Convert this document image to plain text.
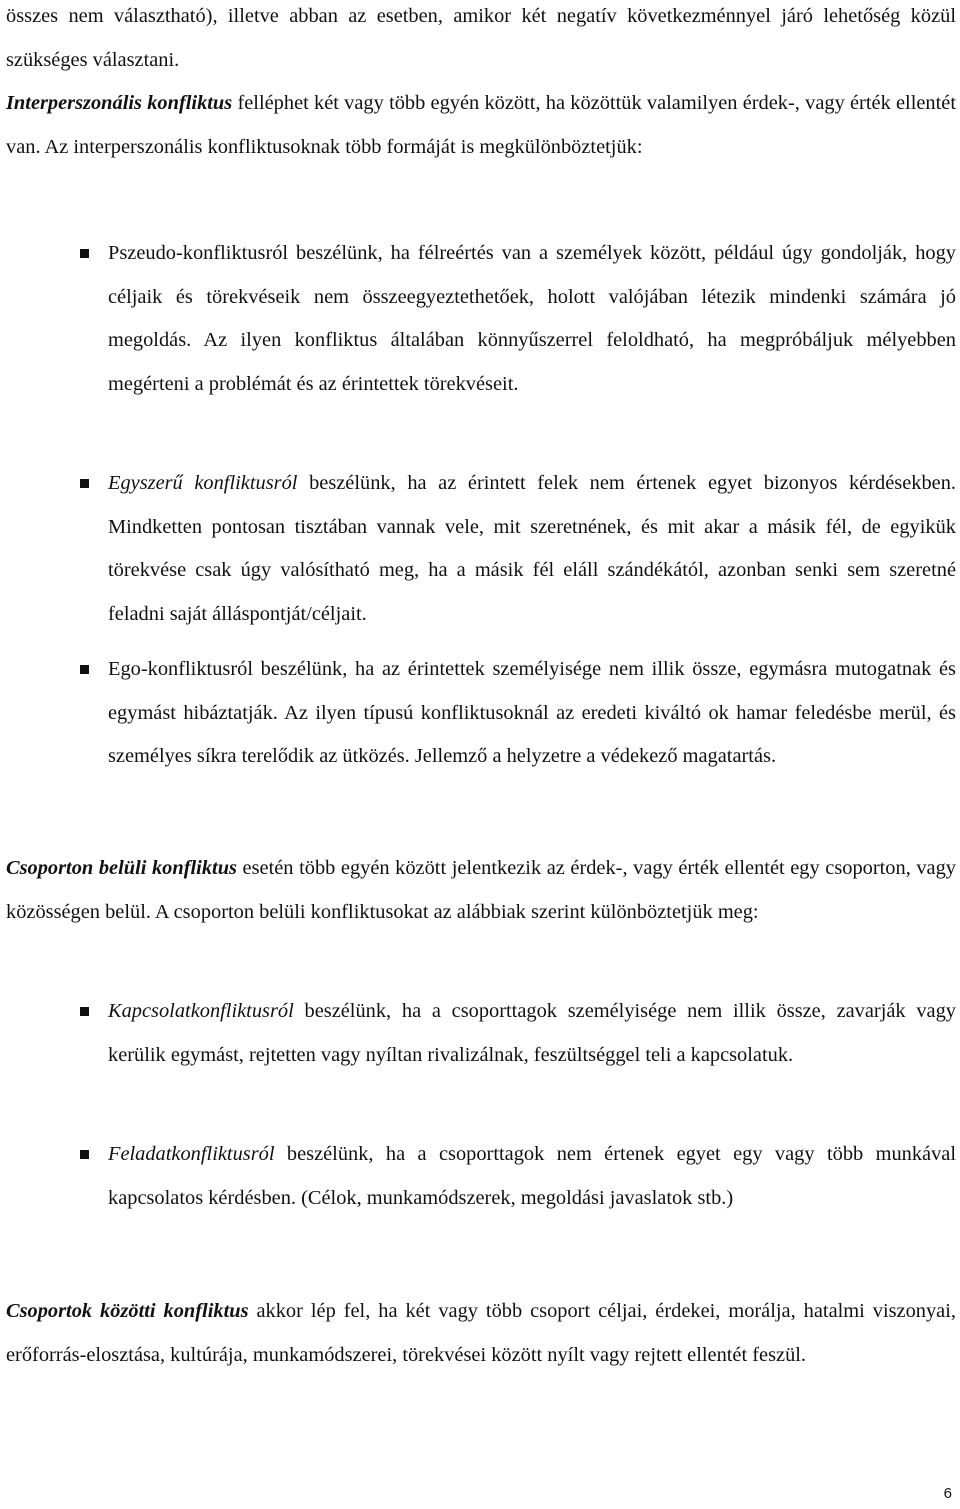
összes nem választható), illetve abban az esetben, amikor két negatív következménnyel járó lehetőség közül szükséges választani.

Interperszonális konfliktus felléphet két vagy több egyén között, ha közöttük valamilyen érdek-, vagy érték ellentét van. Az interperszonális konfliktusoknak több formáját is megkülönböztetjük:

Pszeudo-konfliktusról beszélünk, ha félreértés van a személyek között, például úgy gondolják, hogy céljaik és törekvéseik nem összeegyeztethetőek, holott valójában létezik mindenki számára jó megoldás. Az ilyen konfliktus általában könnyűszerrel feloldható, ha megpróbáljuk mélyebben megérteni a problémát és az érintettek törekvéseit.

Egyszerű konfliktusról beszélünk, ha az érintett felek nem értenek egyet bizonyos kérdésekben. Mindketten pontosan tisztában vannak vele, mit szeretnének, és mit akar a másik fél, de egyikük törekvése csak úgy valósítható meg, ha a másik fél eláll szándékától, azonban senki sem szeretné feladni saját álláspontját/céljait.

Ego-konfliktusról beszélünk, ha az érintettek személyisége nem illik össze, egymásra mutogatnak és egymást hibáztatják. Az ilyen típusú konfliktusoknál az eredeti kiváltó ok hamar feledésbe merül, és személyes síkra terelődik az ütközés. Jellemző a helyzetre a védekező magatartás.

Csoporton belüli konfliktus esetén több egyén között jelentkezik az érdek-, vagy érték ellentét egy csoporton, vagy közösségen belül. A csoporton belüli konfliktusokat az alábbiak szerint különböztetjük meg:

Kapcsolatkonfliktusról beszélünk, ha a csoporttagok személyisége nem illik össze, zavarják vagy kerülik egymást, rejtetten vagy nyíltan rivalizálnak, feszültséggel teli a kapcsolatuk.

Feladatkonfliktusról beszélünk, ha a csoporttagok nem értenek egyet egy vagy több munkával kapcsolatos kérdésben. (Célok, munkamódszerek, megoldási javaslatok stb.)

Csoportok közötti konfliktus akkor lép fel, ha két vagy több csoport céljai, érdekei, morálja, hatalmi viszonyai, erőforrás-elosztása, kultúrája, munkamódszerei, törekvései között nyílt vagy rejtett ellentét feszül.

6
